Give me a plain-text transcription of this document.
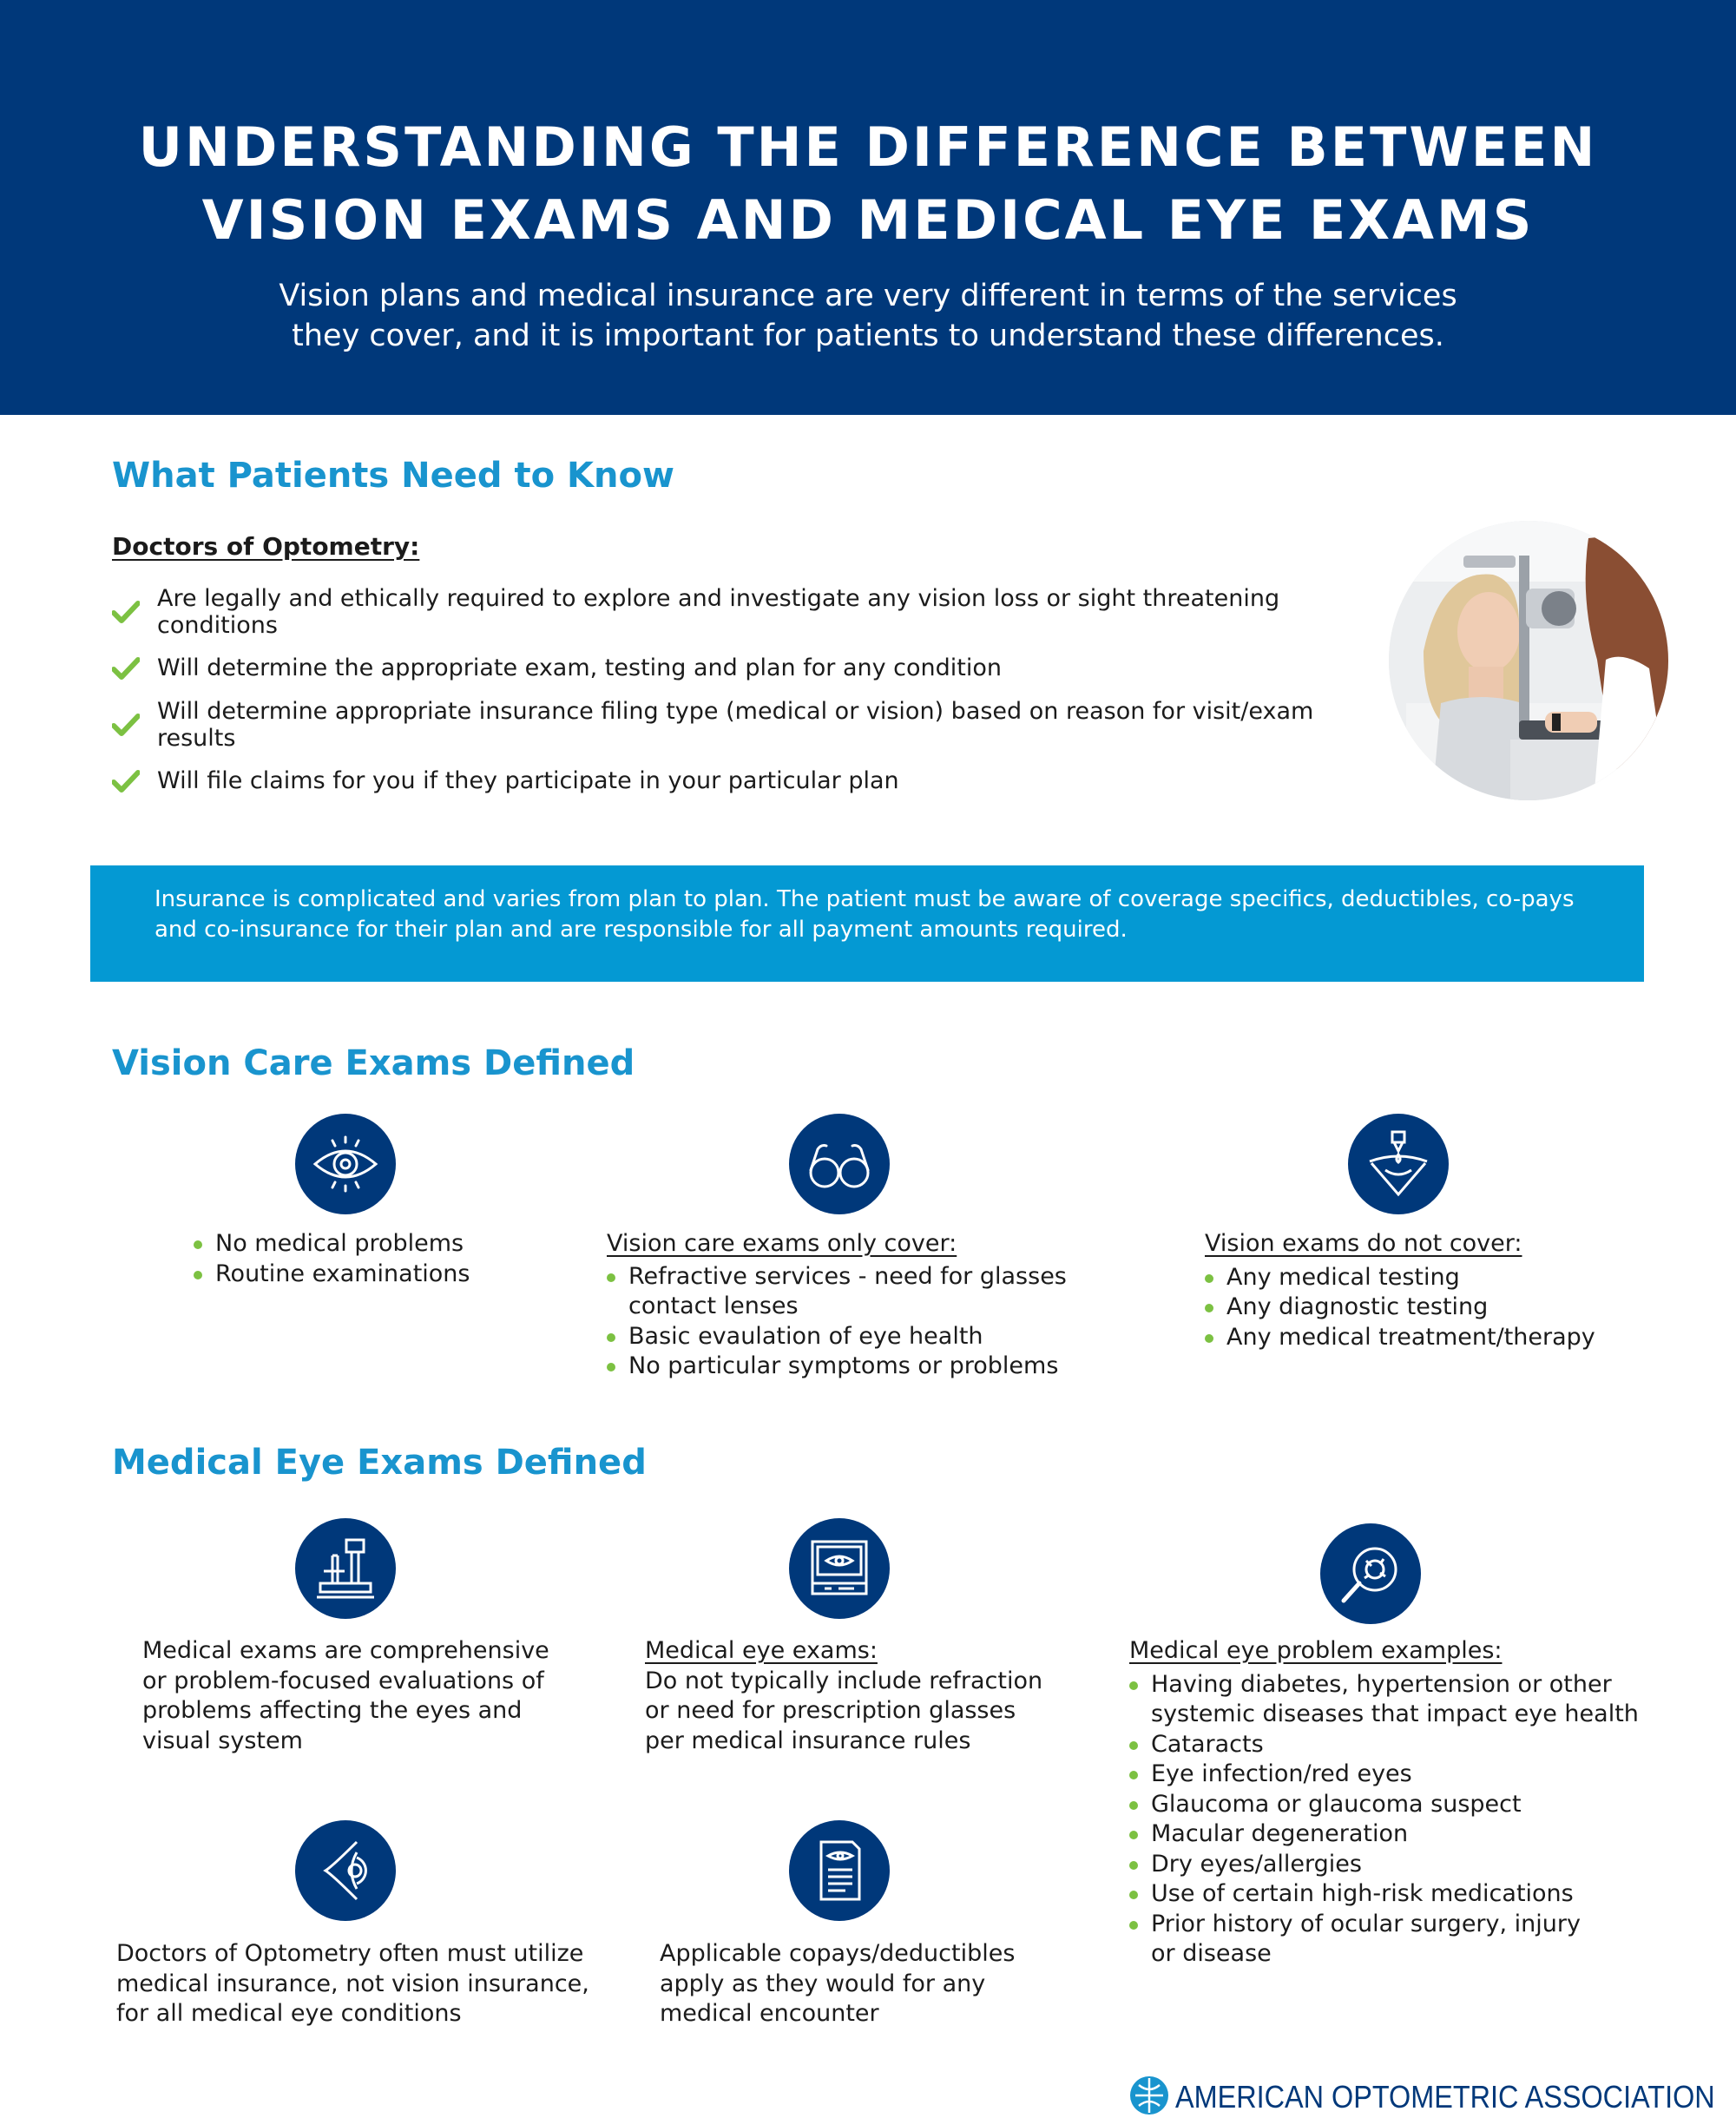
UNDERSTANDING THE DIFFERENCE BETWEEN
VISION EXAMS AND MEDICAL EYE EXAMS
Vision plans and medical insurance are very different in terms of the services
they cover, and it is important for patients to understand these differences.
What Patients Need to Know
Doctors of Optometry:
Are legally and ethically required to explore and investigate any vision loss or sight threatening conditions
Will determine the appropriate exam, testing and plan for any condition
Will determine appropriate insurance filing type (medical or vision) based on reason for visit/exam results
Will file claims for you if they participate in your particular plan
Insurance is complicated and varies from plan to plan. The patient must be aware of coverage specifics, deductibles, co-pays
and co-insurance for their plan and are responsible for all payment amounts required.
Vision Care Exams Defined
No medical problems
Routine examinations
Vision care exams only cover:
Refractive services - need for glasses
contact lenses
Basic evaulation of eye health
No particular symptoms or problems
Vision exams do not cover:
Any medical testing
Any diagnostic testing
Any medical treatment/therapy
Medical Eye Exams Defined
Medical exams are comprehensive
or problem-focused evaluations of
problems affecting the eyes and
visual system
Medical eye exams:
Do not typically include refraction
or need for prescription glasses
per medical insurance rules
Medical eye problem examples:
Having diabetes, hypertension or other
systemic diseases that impact eye health
Cataracts
Eye infection/red eyes
Glaucoma or glaucoma suspect
Macular degeneration
Dry eyes/allergies
Use of certain high-risk medications
Prior history of ocular surgery, injury
or disease
Doctors of Optometry often must utilize
medical insurance, not vision insurance,
for all medical eye conditions
Applicable copays/deductibles
apply as they would for any
medical encounter
AMERICAN OPTOMETRIC ASSOCIATION
